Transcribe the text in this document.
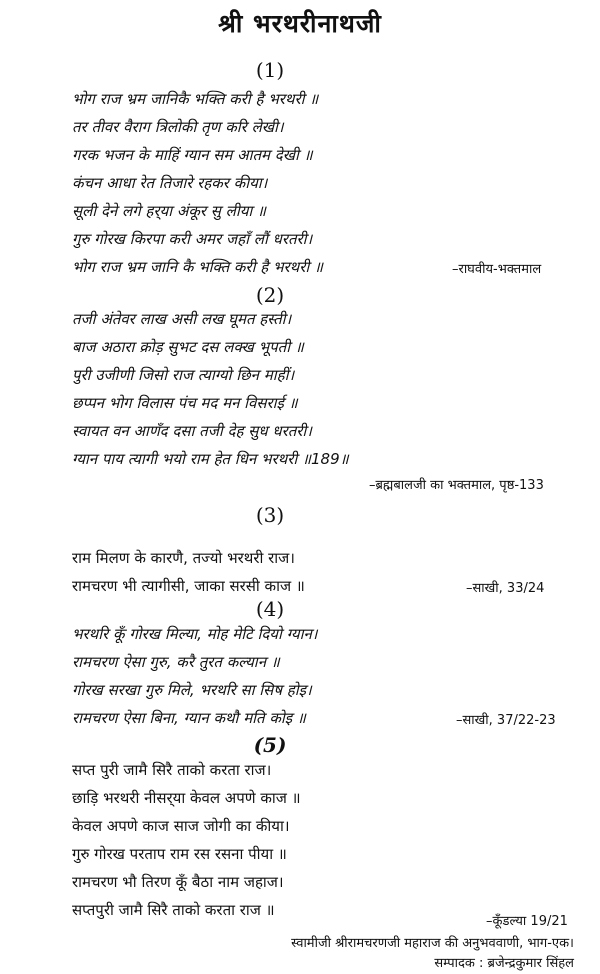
श्री भरथरीनाथजी
(1)
भोग राज भ्रम जानिकै भक्ति करी है भरथरी ॥
तर तीवर वैराग त्रिलोकी तृण करि लेखी।
गरक भजन के माहिं ग्यान सम आतम देखी ॥
कंचन आधा रेत तिजारे रहकर कीया।
सूली देने लगे हर्‌या अंकूर सु लीया ॥
गुरु गोरख किरपा करी अमर जहाँ लौं धरतरी।
भोग राज भ्रम जानि कै भक्ति करी है भरथरी ॥	–राघवीय-भक्तमाल
(2)
तजी अंतेवर लाख असी लख घूमत हस्ती।
बाज अठारा क्रोड़ सुभट दस लक्ख भूपती ॥
पुरी उजीणी जिसो राज त्याग्यो छिन माहीं।
छप्पन भोग विलास पंच मद मन विसराई ॥
स्वायत वन आणँद दसा तजी देह सुध धरतरी।
ग्यान पाय त्यागी भयो राम हेत धिन भरथरी ॥189॥
–ब्रह्मबालजी का भक्तमाल, पृष्ठ-133
(3)
राम मिलण के कारणै, तज्यो भरथरी राज।
रामचरण भी त्यागीसी, जाका सरसी काज ॥	–साखी, 33/24
(4)
भरथरि कूँ गोरख मिल्या, मोह मेटि दियो ग्यान।
रामचरण ऐसा गुरु, करै तुरत कल्यान ॥
गोरख सरखा गुरु मिले, भरथरि सा सिष होइ।
रामचरण ऐसा बिना, ग्यान कथौ मति कोइ ॥	–साखी, 37/22-23
(5)
सप्त पुरी जामै सिरै ताको करता राज।
छाड़ि भरथरी नीसर्‌या केवल अपणे काज ॥
केवल अपणे काज साज जोगी का कीया।
गुरु गोरख परताप राम रस रसना पीया ॥
रामचरण भौ तिरण कूँ बैठा नाम जहाज।
सप्तपुरी जामै सिरै ताको करता राज ॥
–कूँडल्या 19/21
स्वामीजी श्रीरामचरणजी महाराज की अनुभववाणी, भाग-एक।
सम्पादक : ब्रजेन्द्रकुमार सिंहल
